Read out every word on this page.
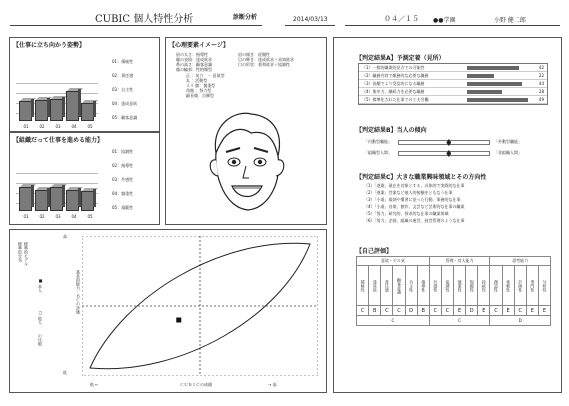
CUBIC 個人特性分析	診断分析	2014/03/13	０４／１５ ●●学園	小野 健二郎
【仕事に立ち向かう姿勢】
01	02	03	04	05
01：積極性
02：責任感
03：自主性
04：達成意欲
05：顧客意識
【組織だって仕事を進める能力】
01	02	03	04	05
01：協調性
02：指導性
03：共感性
04：慎重性
05：規範性
【心理要素イメージ】
眉の太さ：指導性
瞳の表情：達成欲求
鼻の高さ：顧客意識
顔の輪郭：性格類型
眉の傾き：従順性
目の輝き：達成欲求＋承知欲求
口の形状：着和欲求＋協調性
正 ：気力　－ 意欲型
丸 ：活動型
スリ 膝：慎重型
角顔 ：努力型
細長顔：自制型
標準的分布 標準的モデル
■ 本人
□ 他人
の比較
高
低
基本的能力・ＢＣの評価
低 ←	ＣＵＢＩＣの成績	→ 高
【判定結果A】予測定着（見所）
（1）一般的職業的見方での可能性	42
（2）職務内容で雑務的な必要な職務	22
（3）従順でより受信的になる職務	44
（4）集中力、継続力を必要な職務	28
（5）標準化された仕事での工夫労働	49
【判定結果B】当人の傾向
「内動型職能」	「外動型職能」
「組織型人間」	「非組織人間」
【判定結果C】大きな職業興味領域とその方向性
（1）「遂業」現在を対象とする、具体的で実際的な仕事
（2）「遂業」営業など他人的接触をともなう仕事
（3）「小遠」規則や慣習に従った行動、事務的な仕事
（4）「小遠」音楽、創作、文芸など芸術的な仕事の職業
（5）「努力」研究的、探求的な仕事の職業領域
（6）「努力」企画、組織の運営、経営管理のような仕事
【自己評価】
意欲・ヤル気						管理・対人能力					思考能力				
積極性	達成欲	責任感	顧客意識	自主性	指導性	共感性	協調性	慎重性	規範性	持続性	創造性	柔軟性	計画性	専門性	分析性
C	B	C	C	D	B	C	C	E	D	E	C	E	C	E	E
C						C					D				
